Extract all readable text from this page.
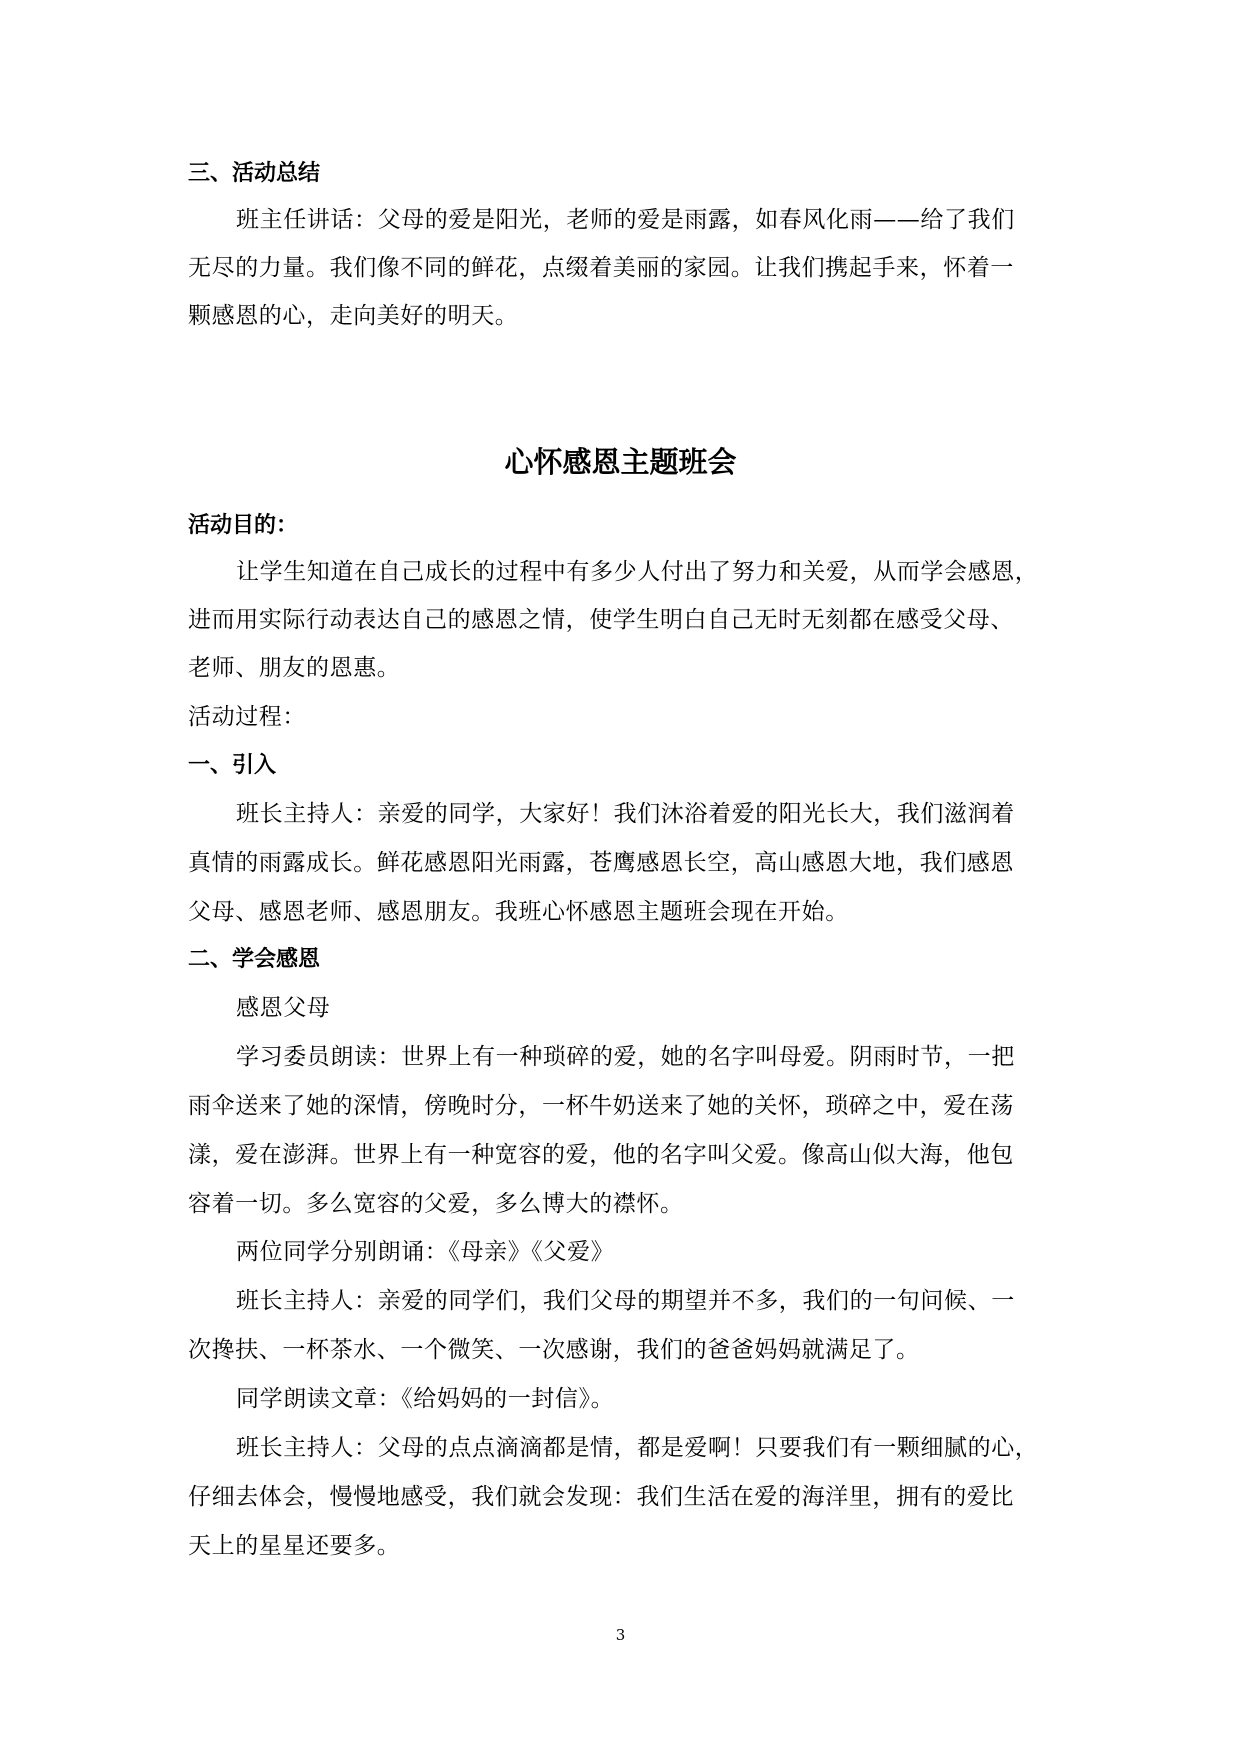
三、活动总结
班主任讲话：父母的爱是阳光，老师的爱是雨露，如春风化雨——给了我们
无尽的力量。我们像不同的鲜花，点缀着美丽的家园。让我们携起手来，怀着一
颗感恩的心，走向美好的明天。
心怀感恩主题班会
活动目的：
让学生知道在自己成长的过程中有多少人付出了努力和关爱，从而学会感恩，
进而用实际行动表达自己的感恩之情，使学生明白自己无时无刻都在感受父母、
老师、朋友的恩惠。
活动过程：
一、引入
班长主持人：亲爱的同学，大家好！我们沐浴着爱的阳光长大，我们滋润着
真情的雨露成长。鲜花感恩阳光雨露，苍鹰感恩长空，高山感恩大地，我们感恩
父母、感恩老师、感恩朋友。我班心怀感恩主题班会现在开始。
二、学会感恩
感恩父母
学习委员朗读：世界上有一种琐碎的爱，她的名字叫母爱。阴雨时节，一把
雨伞送来了她的深情，傍晚时分，一杯牛奶送来了她的关怀，琐碎之中，爱在荡
漾，爱在澎湃。世界上有一种宽容的爱，他的名字叫父爱。像高山似大海，他包
容着一切。多么宽容的父爱，多么博大的襟怀。
两位同学分别朗诵：《母亲》《父爱》
班长主持人：亲爱的同学们，我们父母的期望并不多，我们的一句问候、一
次搀扶、一杯茶水、一个微笑、一次感谢，我们的爸爸妈妈就满足了。
同学朗读文章：《给妈妈的一封信》。
班长主持人：父母的点点滴滴都是情，都是爱啊！只要我们有一颗细腻的心，
仔细去体会，慢慢地感受，我们就会发现：我们生活在爱的海洋里，拥有的爱比
天上的星星还要多。
3
